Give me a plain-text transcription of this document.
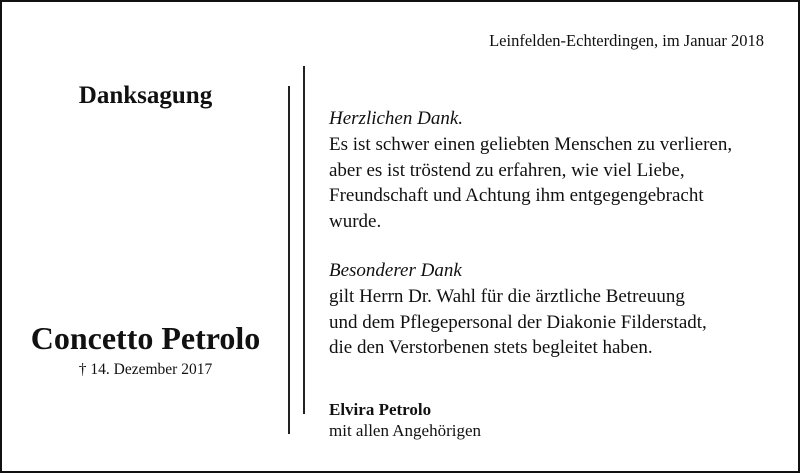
Leinfelden-Echterdingen, im Januar 2018
Danksagung
Concetto Petrolo
† 14. Dezember 2017
Herzlichen Dank.
Es ist schwer einen geliebten Menschen zu verlieren,
aber es ist tröstend zu erfahren, wie viel Liebe,
Freundschaft und Achtung ihm entgegengebracht
wurde.
Besonderer Dank
gilt Herrn Dr. Wahl für die ärztliche Betreuung
und dem Pflegepersonal der Diakonie Filderstadt,
die den Verstorbenen stets begleitet haben.
Elvira Petrolo
mit allen Angehörigen
